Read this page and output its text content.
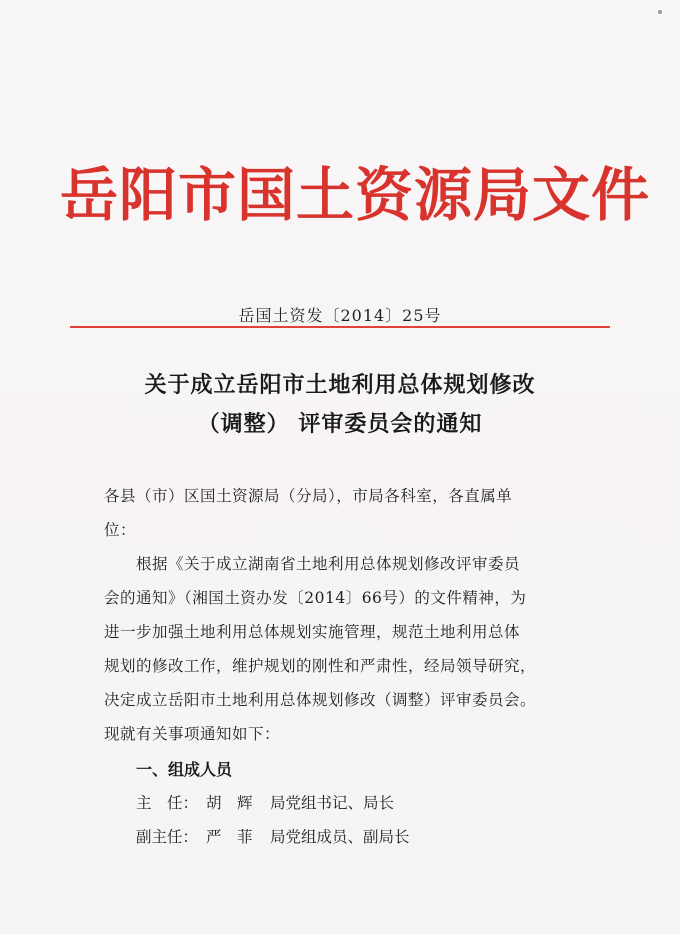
岳阳市国土资源局文件
岳国土资发〔2014〕25号
关于成立岳阳市土地利用总体规划修改
（调整） 评审委员会的通知
各县（市）区国土资源局（分局），市局各科室，各直属单
位：
根据《关于成立湖南省土地利用总体规划修改评审委员
会的通知》（湘国土资办发〔2014〕66号）的文件精神，为
进一步加强土地利用总体规划实施管理，规范土地利用总体
规划的修改工作，维护规划的刚性和严肃性，经局领导研究，
决定成立岳阳市土地利用总体规划修改（调整）评审委员会。
现就有关事项通知如下：
一、组成人员
主　任： 胡　辉 局党组书记、局长
副主任： 严　菲 局党组成员、副局长
